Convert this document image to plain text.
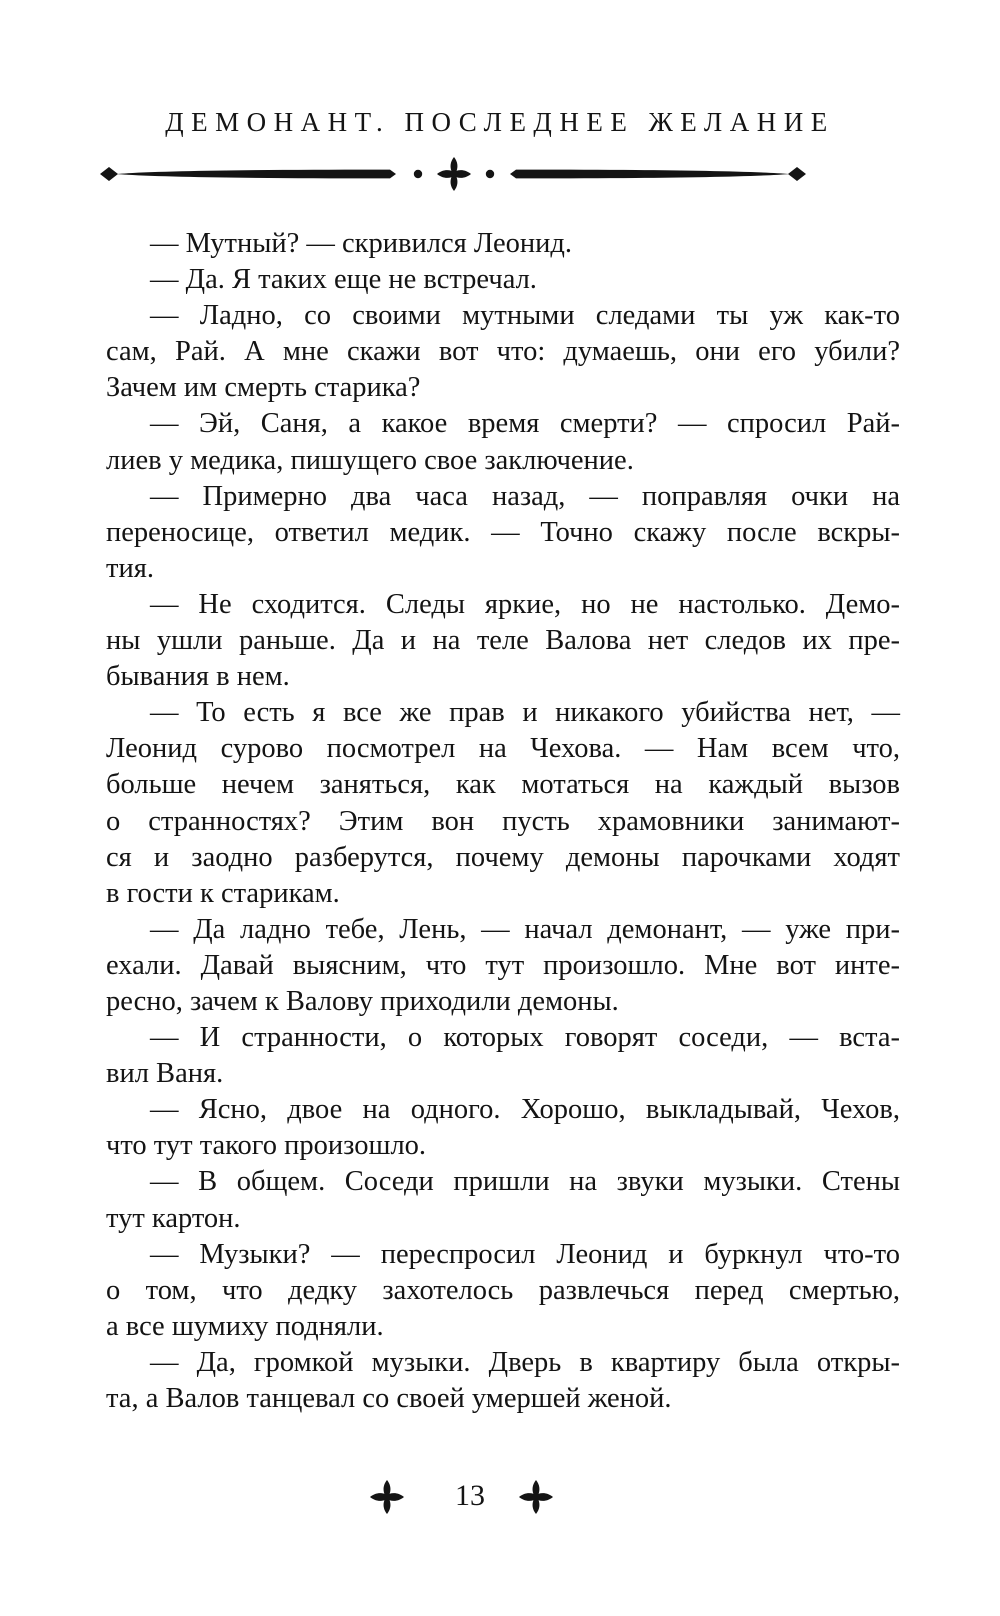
ДЕМОНАНТ. ПОСЛЕДНЕЕ ЖЕЛАНИЕ
— Мутный? — скривился Леонид.
— Да. Я таких еще не встречал.
— Ладно, со своими мутными следами ты уж как-то
сам, Рай. А мне скажи вот что: думаешь, они его убили?
Зачем им смерть старика?
— Эй, Саня, а какое время смерти? — спросил Рай-
лиев у медика, пишущего свое заключение.
— Примерно два часа назад, — поправляя очки на
переносице, ответил медик. — Точно скажу после вскры-
тия.
— Не сходится. Следы яркие, но не настолько. Демо-
ны ушли раньше. Да и на теле Валова нет следов их пре-
бывания в нем.
— То есть я все же прав и никакого убийства нет, —
Леонид сурово посмотрел на Чехова. — Нам всем что,
больше нечем заняться, как мотаться на каждый вызов
о странностях? Этим вон пусть храмовники занимают-
ся и заодно разберутся, почему демоны парочками ходят
в гости к старикам.
— Да ладно тебе, Лень, — начал демонант, — уже при-
ехали. Давай выясним, что тут произошло. Мне вот инте-
ресно, зачем к Валову приходили демоны.
— И странности, о которых говорят соседи, — вста-
вил Ваня.
— Ясно, двое на одного. Хорошо, выкладывай, Чехов,
что тут такого произошло.
— В общем. Соседи пришли на звуки музыки. Стены
тут картон.
— Музыки? — переспросил Леонид и буркнул что-то
о том, что дедку захотелось развлечься перед смертью,
а все шумиху подняли.
— Да, громкой музыки. Дверь в квартиру была откры-
та, а Валов танцевал со своей умершей женой.
13
